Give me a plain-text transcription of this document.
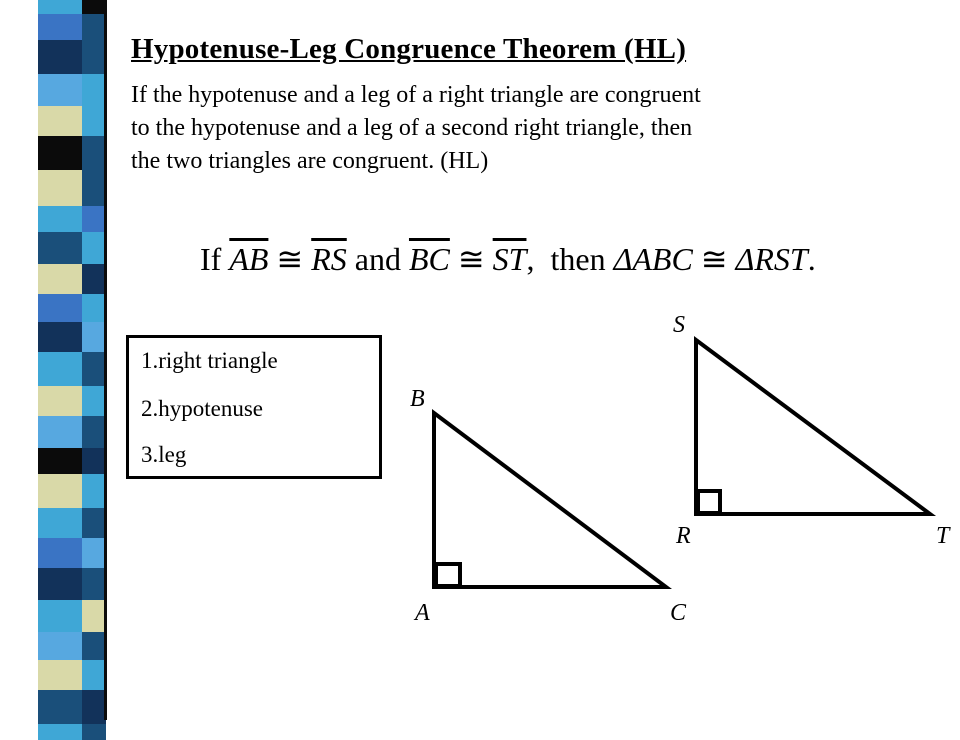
Hypotenuse-Leg Congruence Theorem (HL)
If the hypotenuse and a leg of a right triangle are congruent
to the hypotenuse and a leg of a second right triangle, then
the two triangles are congruent. (HL)
If $\overline{AB}$ ≅ $\overline{RS}$ and $\overline{BC}$ ≅ $\overline{ST}$, then ΔABC ≅ ΔRST.
1.right triangle
2.hypotenuse
3.leg
B
A	C
S
R	T
